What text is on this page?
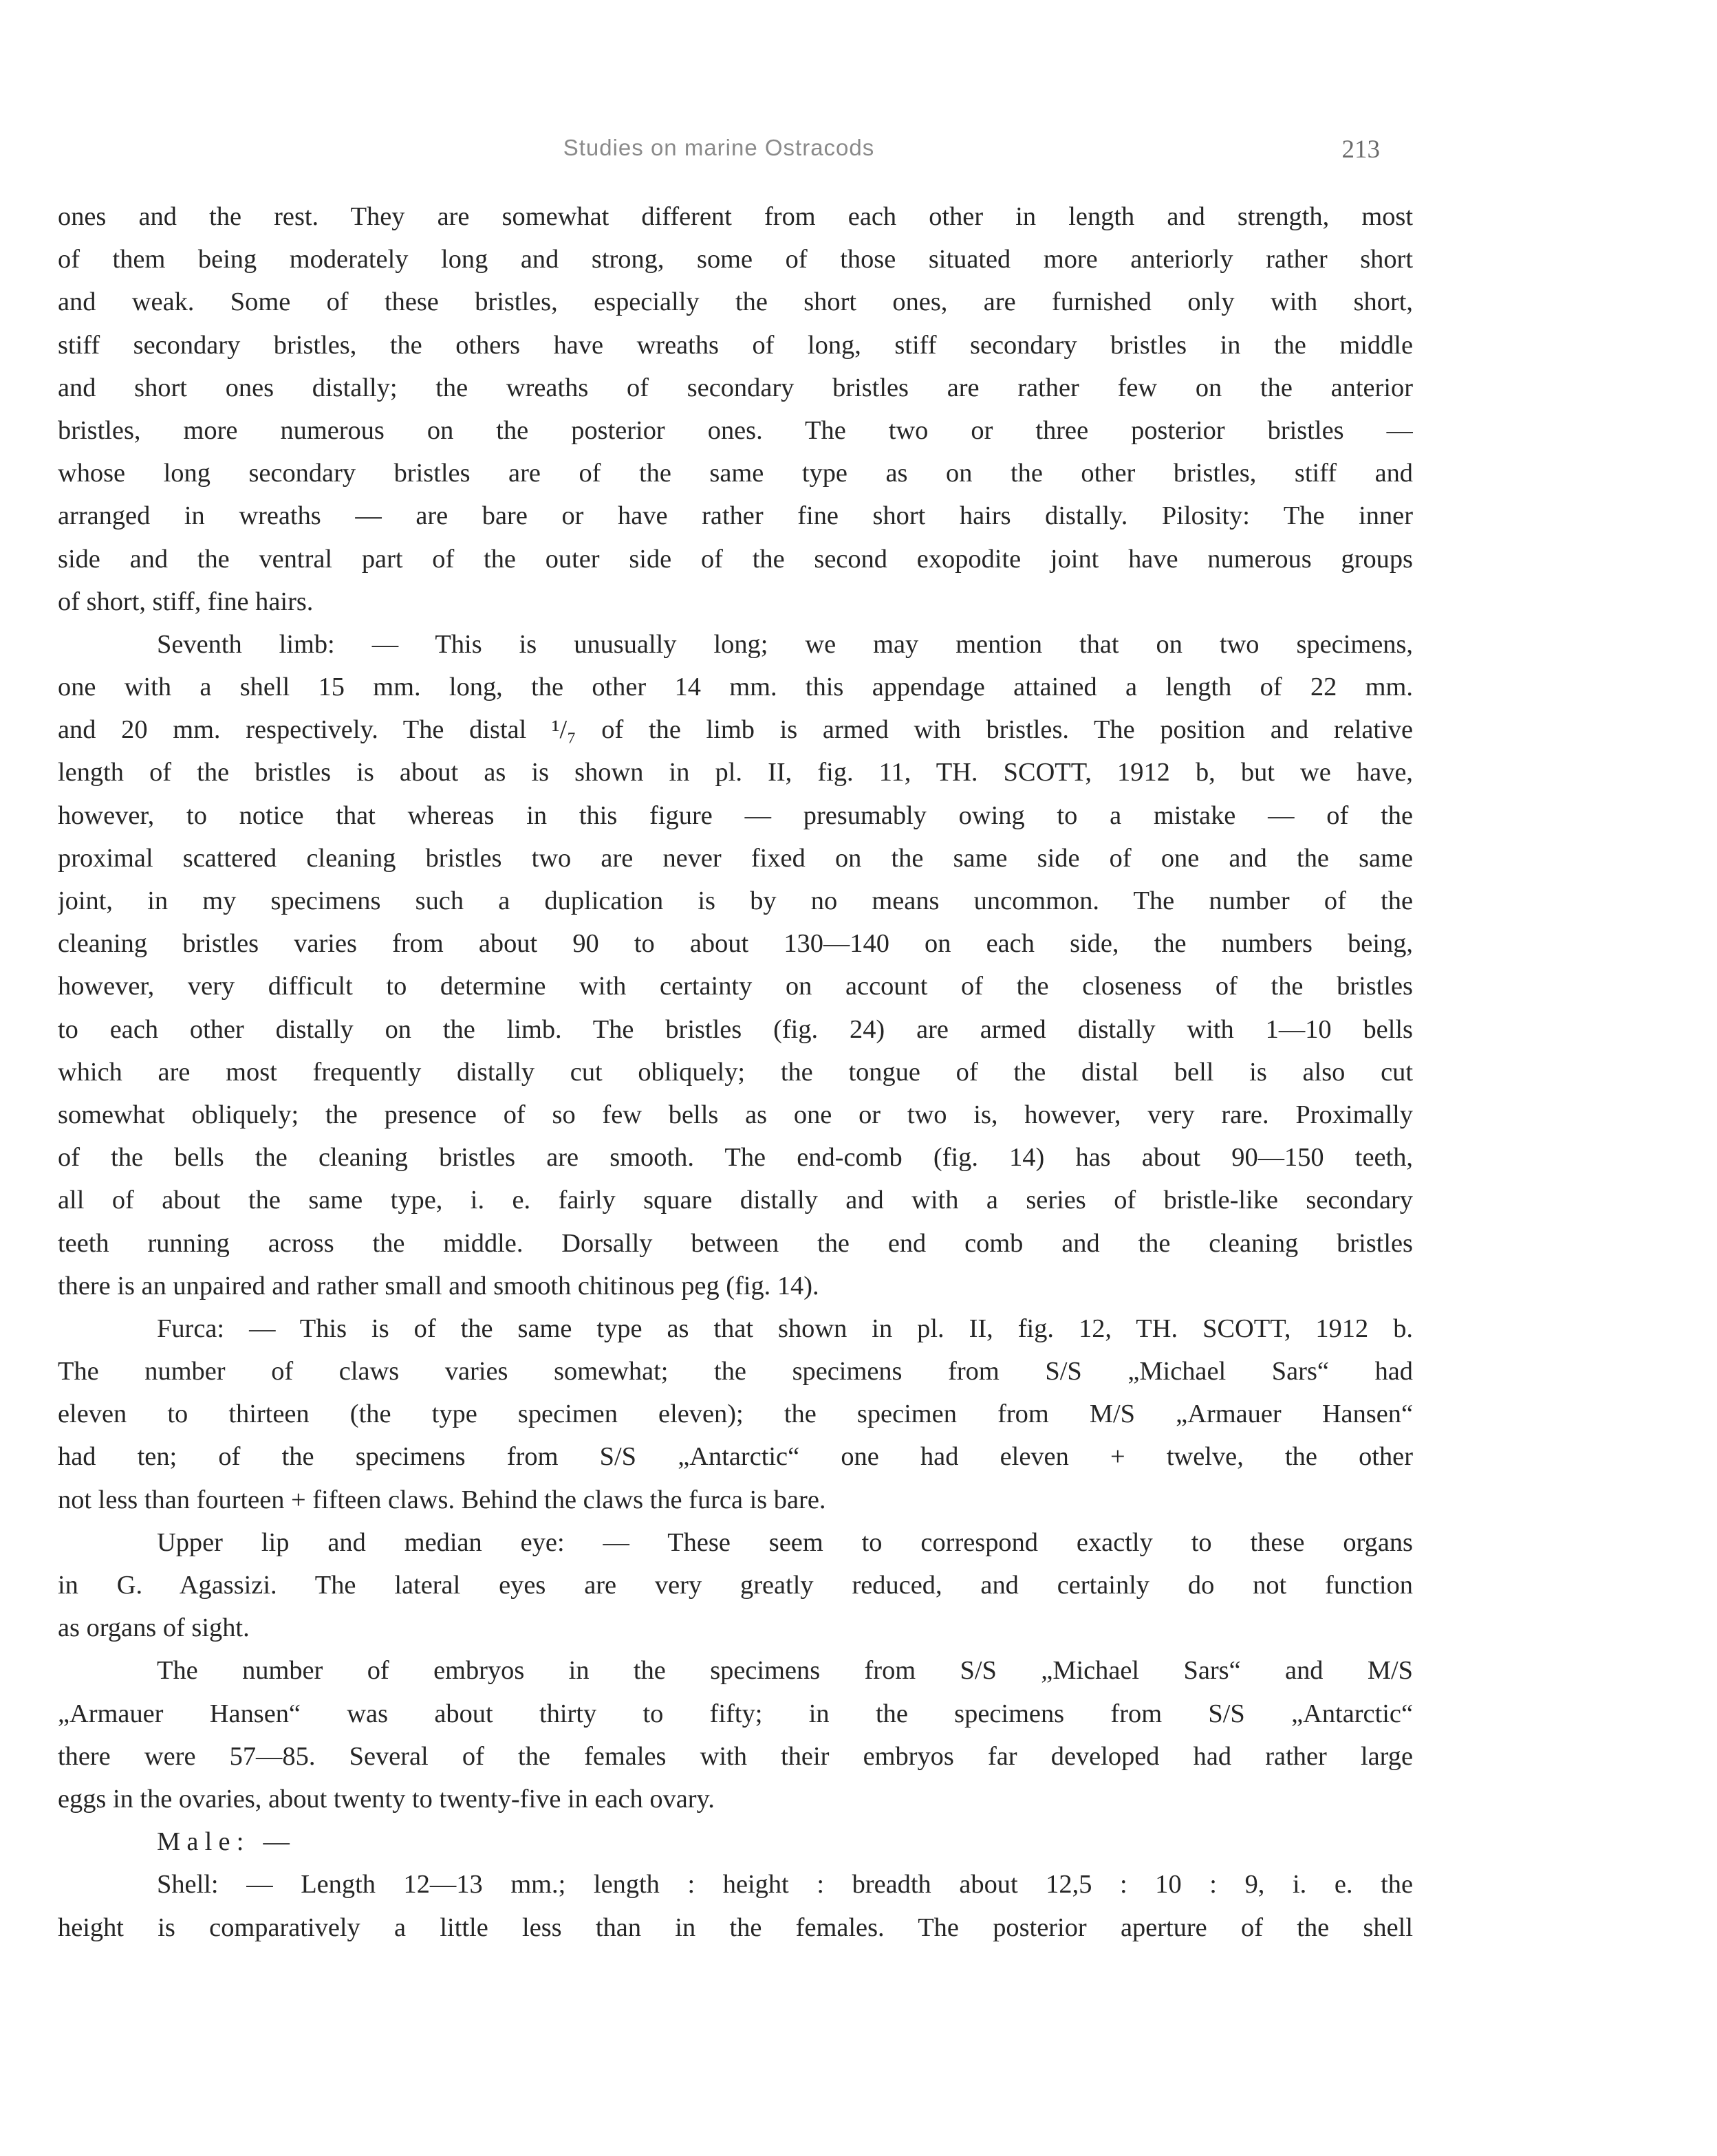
Studies on marine Ostracods	213
ones and the rest. They are somewhat different from each other in length and strength, most
of them being moderately long and strong, some of those situated more anteriorly rather short
and weak. Some of these bristles, especially the short ones, are furnished only with short,
stiff secondary bristles, the others have wreaths of long, stiff secondary bristles in the middle
and short ones distally; the wreaths of secondary bristles are rather few on the anterior
bristles, more numerous on the posterior ones. The two or three posterior bristles —
whose long secondary bristles are of the same type as on the other bristles, stiff and
arranged in wreaths — are bare or have rather fine short hairs distally. Pilosity: The inner
side and the ventral part of the outer side of the second exopodite joint have numerous groups
of short, stiff, fine hairs.
Seventh limb: — This is unusually long; we may mention that on two specimens,
one with a shell 15 mm. long, the other 14 mm. this appendage attained a length of 22 mm.
and 20 mm. respectively. The distal ¹/₇ of the limb is armed with bristles. The position and relative
length of the bristles is about as is shown in pl. II, fig. 11, TH. SCOTT, 1912 b, but we have,
however, to notice that whereas in this figure — presumably owing to a mistake — of the
proximal scattered cleaning bristles two are never fixed on the same side of one and the same
joint, in my specimens such a duplication is by no means uncommon. The number of the
cleaning bristles varies from about 90 to about 130—140 on each side, the numbers being,
however, very difficult to determine with certainty on account of the closeness of the bristles
to each other distally on the limb. The bristles (fig. 24) are armed distally with 1—10 bells
which are most frequently distally cut obliquely; the tongue of the distal bell is also cut
somewhat obliquely; the presence of so few bells as one or two is, however, very rare. Proximally
of the bells the cleaning bristles are smooth. The end-comb (fig. 14) has about 90—150 teeth,
all of about the same type, i. e. fairly square distally and with a series of bristle-like secondary
teeth running across the middle. Dorsally between the end comb and the cleaning bristles
there is an unpaired and rather small and smooth chitinous peg (fig. 14).
Furca: — This is of the same type as that shown in pl. II, fig. 12, TH. SCOTT, 1912 b.
The number of claws varies somewhat; the specimens from S/S „Michael Sars“ had
eleven to thirteen (the type specimen eleven); the specimen from M/S „Armauer Hansen“
had ten; of the specimens from S/S „Antarctic“ one had eleven + twelve, the other
not less than fourteen + fifteen claws. Behind the claws the furca is bare.
Upper lip and median eye: — These seem to correspond exactly to these organs
in G. Agassizi. The lateral eyes are very greatly reduced, and certainly do not function
as organs of sight.
The number of embryos in the specimens from S/S „Michael Sars“ and M/S
„Armauer Hansen“ was about thirty to fifty; in the specimens from S/S „Antarctic“
there were 57—85. Several of the females with their embryos far developed had rather large
eggs in the ovaries, about twenty to twenty-five in each ovary.
Male: —
Shell: — Length 12—13 mm.; length : height : breadth about 12,5 : 10 : 9, i. e. the
height is comparatively a little less than in the females. The posterior aperture of the shell
